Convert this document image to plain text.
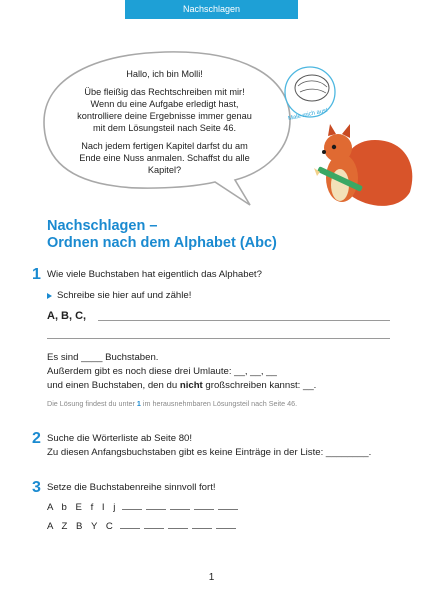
Nachschlagen

Hallo, ich bin Molli!

Übe fleißig das Rechtschreiben mit mir! Wenn du eine Aufgabe erledigt hast, kontrolliere deine Ergebnisse immer genau mit dem Lösungsteil nach Seite 46.

Nach jedem fertigen Kapitel darfst du am Ende eine Nuss anmalen. Schaffst du alle Kapitel?

Male mich aus!
Nachschlagen –
Ordnen nach dem Alphabet (Abc)
1 Wie viele Buchstaben hat eigentlich das Alphabet?
Schreibe sie hier auf und zähle!
A, B, C,
Es sind ____ Buchstaben.
Außerdem gibt es noch diese drei Umlaute: __, __, __
und einen Buchstaben, den du nicht großschreiben kannst: __.
Die Lösung findest du unter 1 im herausnehmbaren Lösungsteil nach Seite 46.
2 Suche die Wörterliste ab Seite 80!
Zu diesen Anfangsbuchstaben gibt es keine Einträge in der Liste: ________.
3 Setze die Buchstabenreihe sinnvoll fort!
A b E f I j
A Z B Y C
1
